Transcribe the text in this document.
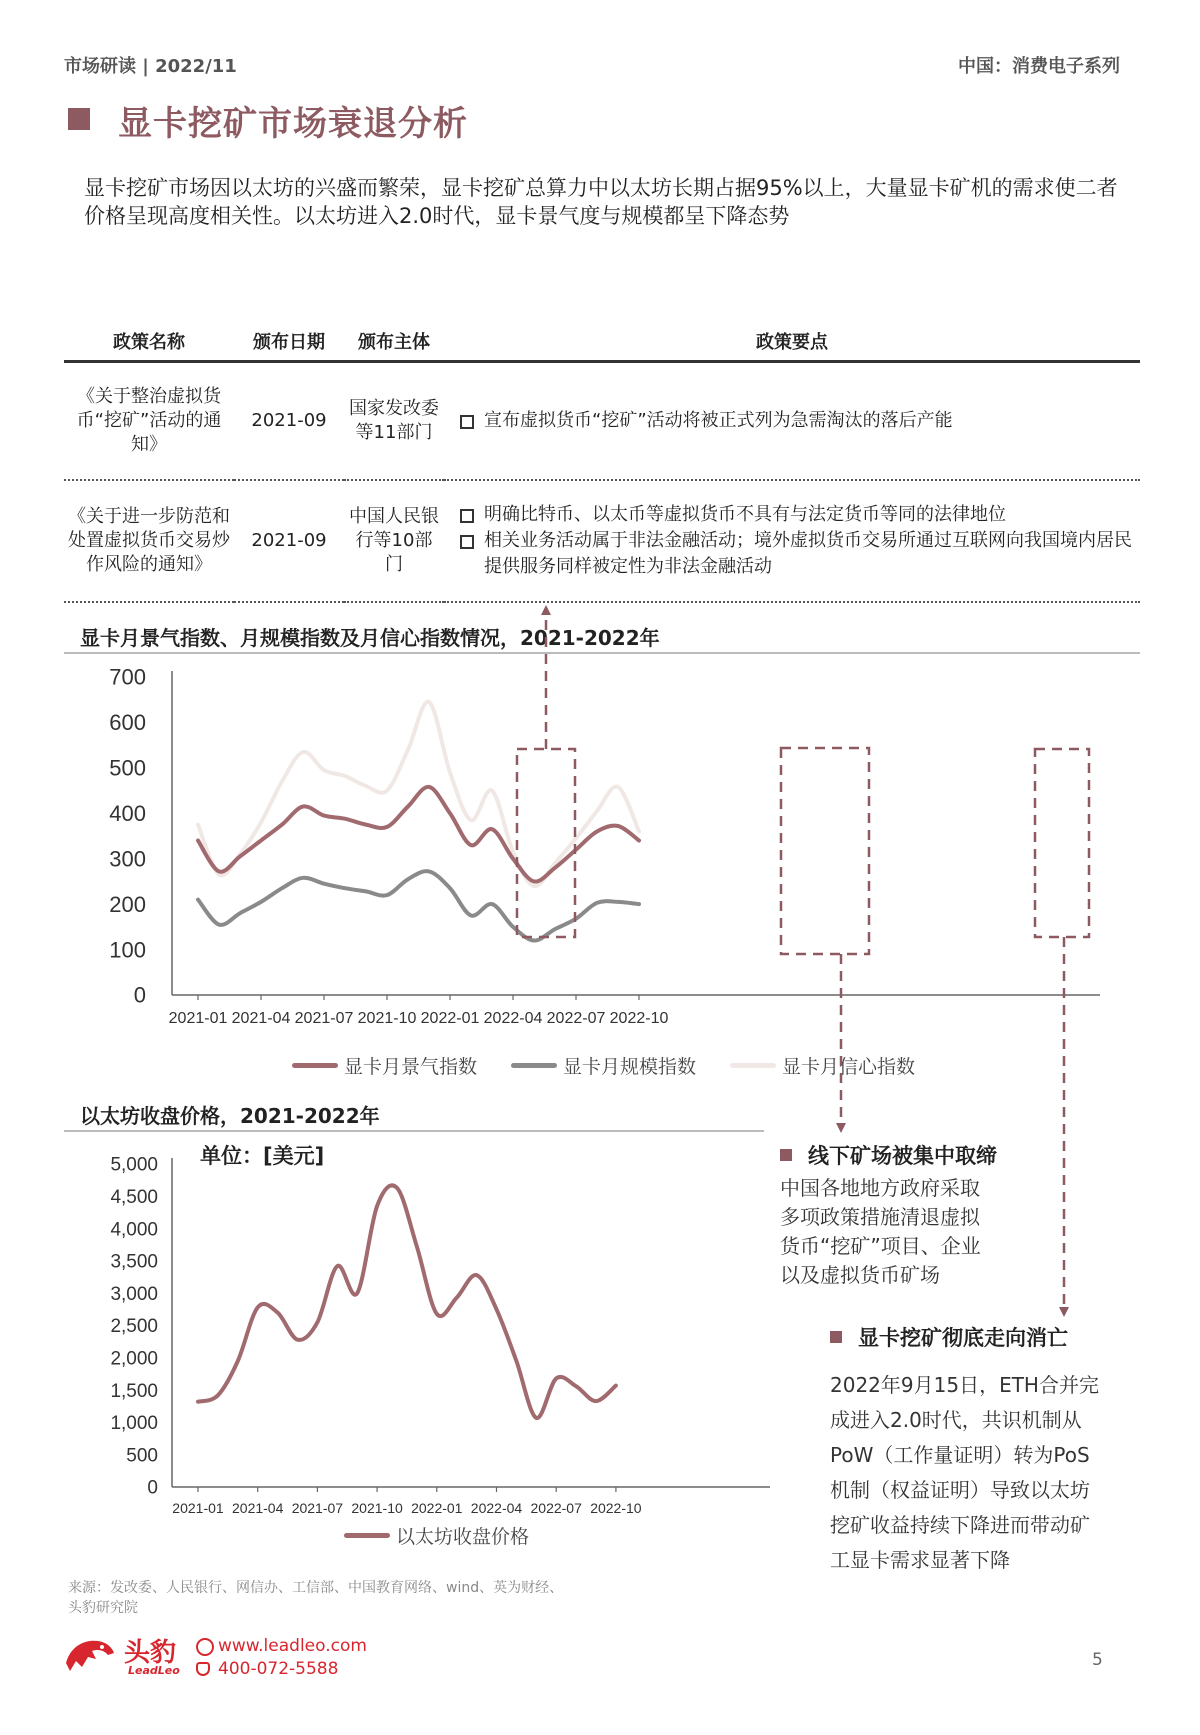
市场研读 | 2022/11	中国：消费电子系列
显卡挖矿市场衰退分析
显卡挖矿市场因以太坊的兴盛而繁荣，显卡挖矿总算力中以太坊长期占据95%以上，大量显卡矿机的需求使二者价格呈现高度相关性。以太坊进入2.0时代，显卡景气度与规模都呈下降态势
政策名称	颁布日期	颁布主体	政策要点
《关于整治虚拟货币“挖矿”活动的通知》	2021-09	国家发改委等11部门	宣布虚拟货币“挖矿”活动将被正式列为急需淘汰的落后产能

《关于进一步防范和处置虚拟货币交易炒作风险的通知》	2021-09	中国人民银行等10部门	明确比特币、以太币等虚拟货币不具有与法定货币等同的法律地位
相关业务活动属于非法金融活动；境外虚拟货币交易所通过互联网向我国境内居民提供服务同样被定性为非法金融活动
显卡月景气指数、月规模指数及月信心指数情况，2021-2022年
0
100
200
300
400
500
600
700
2021-01 2021-04 2021-07 2021-10 2022-01 2022-04 2022-07 2022-10
显卡月景气指数	显卡月规模指数	显卡月信心指数
以太坊收盘价格，2021-2022年
单位：[美元]
0
500
1,000
1,500
2,000
2,500
3,000
3,500
4,000
4,500
5,000
2021-01 2021-04 2021-07 2021-10 2022-01 2022-04 2022-07 2022-10
以太坊收盘价格
线下矿场被集中取缔
中国各地地方政府采取
多项政策措施清退虚拟
货币“挖矿”项目、企业
以及虚拟货币矿场
显卡挖矿彻底走向消亡
2022年9月15日，ETH合并完
成进入2.0时代，共识机制从
PoW（工作量证明）转为PoS
机制（权益证明）导致以太坊
挖矿收益持续下降进而带动矿
工显卡需求显著下降
来源：发改委、人民银行、网信办、工信部、中国教育网络、wind、英为财经、
头豹研究院
头豹
LeadLeo
www.leadleo.com
400-072-5588	5
